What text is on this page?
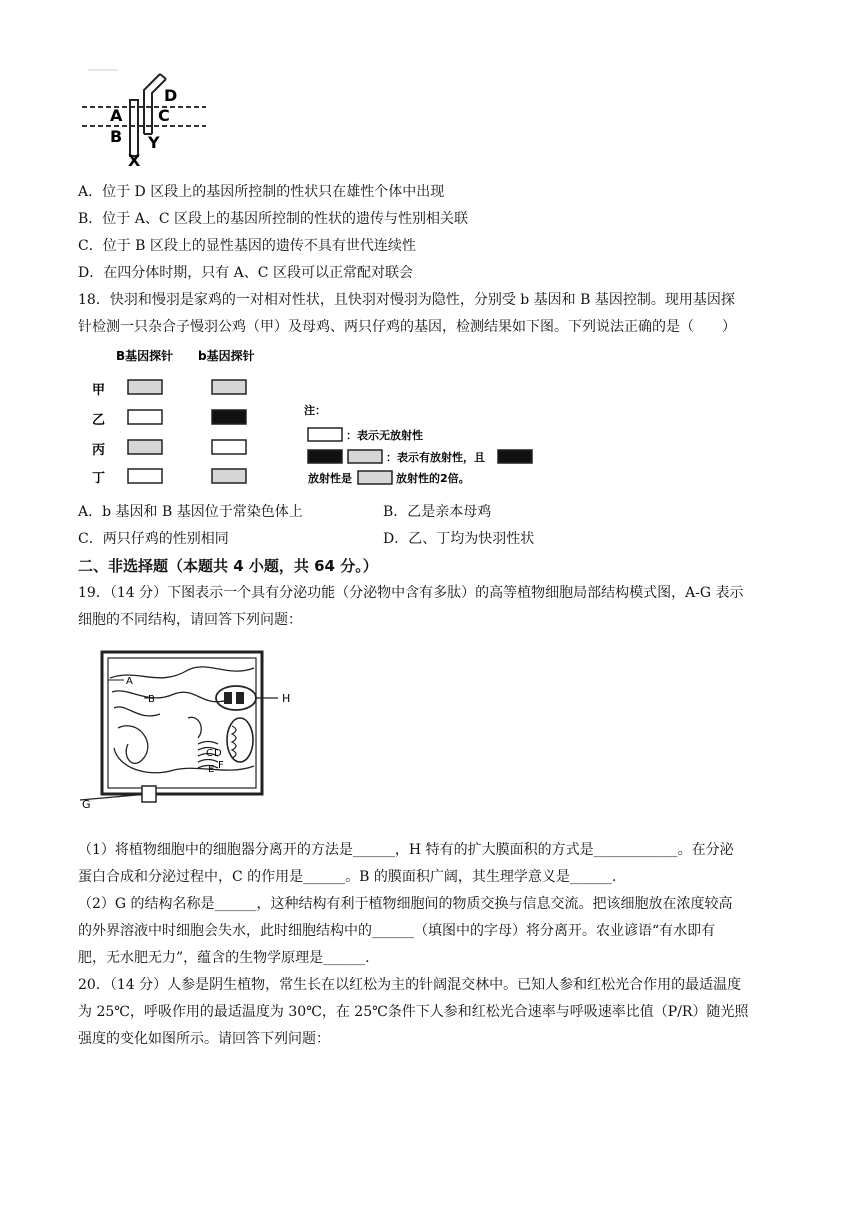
A
B
D
C
Y
X
A．位于 D 区段上的基因所控制的性状只在雄性个体中出现
B．位于 A、C 区段上的基因所控制的性状的遗传与性别相关联
C．位于 B 区段上的显性基因的遗传不具有世代连续性
D．在四分体时期，只有 A、C 区段可以正常配对联会
18．快羽和慢羽是家鸡的一对相对性状，且快羽对慢羽为隐性，分别受 b 基因和 B 基因控制。现用基因探
针检测一只杂合子慢羽公鸡（甲）及母鸡、两只仔鸡的基因，检测结果如下图。下列说法正确的是（　　）
B基因探针 b基因探针
甲
乙
丙
丁
注：
：表示无放射性
：表示有放射性，且
放射性是	放射性的2倍。
A．b 基因和 B 基因位于常染色体上	B．乙是亲本母鸡
C．两只仔鸡的性别相同	D．乙、丁均为快羽性状
二、非选择题（本题共 4 小题，共 64 分。）
19．（14 分）下图表示一个具有分泌功能（分泌物中含有多肽）的高等植物细胞局部结构模式图，A-G 表示
细胞的不同结构，请回答下列问题：
A
B	H
C D
E F
G
（1）将植物细胞中的细胞器分离开的方法是______，H 特有的扩大膜面积的方式是____________。在分泌
蛋白合成和分泌过程中，C 的作用是______。B 的膜面积广阔，其生理学意义是______.
（2）G 的结构名称是______，这种结构有利于植物细胞间的物质交换与信息交流。把该细胞放在浓度较高
的外界溶液中时细胞会失水，此时细胞结构中的______（填图中的字母）将分离开。农业谚语“有水即有
肥，无水肥无力”，蕴含的生物学原理是______.
20．（14 分）人参是阴生植物，常生长在以红松为主的针阔混交林中。已知人参和红松光合作用的最适温度
为 25℃，呼吸作用的最适温度为 30℃，在 25℃条件下人参和红松光合速率与呼吸速率比值（P/R）随光照
强度的变化如图所示。请回答下列问题：
